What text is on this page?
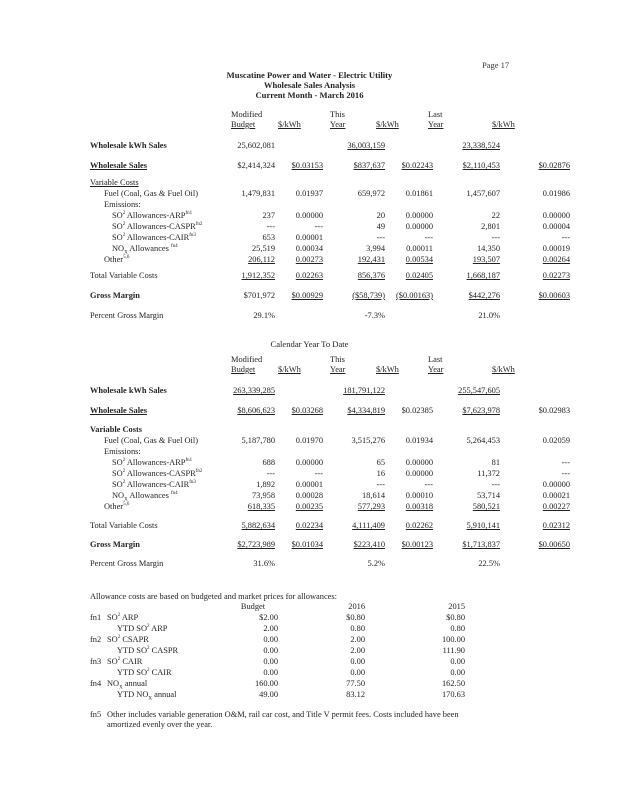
Page 17
Muscatine Power and Water - Electric Utility
Wholesale Sales Analysis
Current Month - March 2016
Modified
Budget	$/kWh
This
Year	$/kWh
Last
Year	$/kWh
Wholesale kWh Sales	25,602,081	36,003,159	23,338,524
Wholesale Sales	$2,414,324	$0.03153	$837,637	$0.02243	$2,110,453	$0.02876
Variable Costs
Fuel (Coal, Gas & Fuel Oil)	1,479,831	0.01937	659,972	0.01861	1,457,607	0.01986
Emissions:
$SO^2$ Allowances-$ARP^{fn1}$	237	0.00000	20	0.00000	22	0.00000
$SO^2$ Allowances-$CASPR^{fn2}$	---	---	49	0.00000	2,801	0.00004
$SO^2$ Allowances-$CAIR^{fn3}$	653	0.00001	---	---	---	---
$NO_X$ Allowances $^{fn4}$	25,519	0.00034	3,994	0.00011	14,350	0.00019
Other$^{5,6}$	206,112	0.00273	192,431	0.00534	193,507	0.00264
Total Variable Costs	1,912,352	0.02263	856,376	0.02405	1,668,187	0.02273
Gross Margin	$701,972	$0.00929	($58,739)	($0.00163)	$442,276	$0.00603
Percent Gross Margin	29.1%	-7.3%	21.0%
Calendar Year To Date
Modified
Budget	$/kWh
This
Year	$/kWh
Last
Year	$/kWh
Wholesale kWh Sales	263,339,285	181,791,122	255,547,605
Wholesale Sales	$8,606,623	$0.03268	$4,334,819	$0.02385	$7,623,978	$0.02983
Variable Costs
Fuel (Coal, Gas & Fuel Oil)	5,187,780	0.01970	3,515,276	0.01934	5,264,453	0.02059
Emissions:
$SO^2$ Allowances-$ARP^{fn1}$	688	0.00000	65	0.00000	81	---
$SO^2$ Allowances-$CASPR^{fn2}$	---	---	16	0.00000	11,372	---
$SO^2$ Allowances-$CAIR^{fn3}$	1,892	0.00001	---	---	---	0.00000
$NO_X$ Allowances $^{fn4}$	73,958	0.00028	18,614	0.00010	53,714	0.00021
Other$^{5,6}$	618,335	0.00235	577,293	0.00318	580,521	0.00227
Total Variable Costs	5,882,634	0.02234	4,111,409	0.02262	5,910,141	0.02312
Gross Margin	$2,723,989	$0.01034	$223,410	$0.00123	$1,713,837	$0.00650
Percent Gross Margin	31.6%	5.2%	22.5%
Allowance costs are based on budgeted and market prices for allowances:
Budget	2016	2015
fn1 $SO^2$ ARP	$2.00	$0.80	$0.80
YTD $SO^2$ ARP	2.00	0.80	0.80
fn2 $SO^2$ CSAPR	0.00	2.00	100.00
YTD $SO^2$ CASPR	0.00	2.00	111.90
fn3 $SO^2$ CAIR	0.00	0.00	0.00
YTD $SO^2$ CAIR	0.00	0.00	0.00
fn4 $NO_X$ annual	160.00	77.50	162.50
YTD $NO_X$ annual	49.00	83.12	170.63
fn5 Other includes variable generation O&M, rail car cost, and Title V permit fees. Costs included have been amortized evenly over the year.
